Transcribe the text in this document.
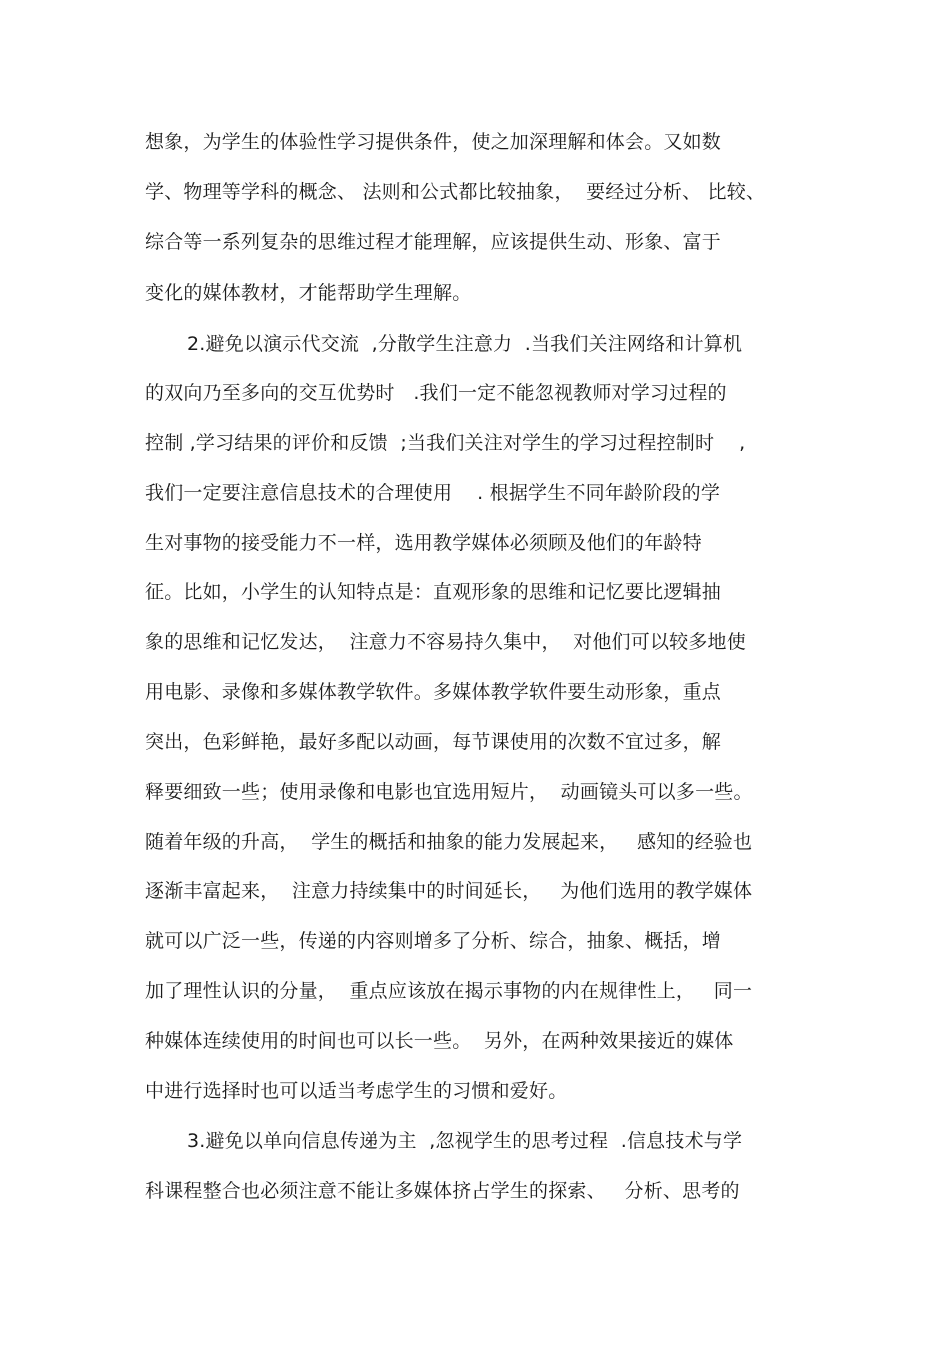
想象，为学生的体验性学习提供条件，使之加深理解和体会。又如数
学、物理等学科的概念、 法则和公式都比较抽象，  要经过分析、 比较、
综合等一系列复杂的思维过程才能理解，应该提供生动、形象、富于
变化的媒体教材，才能帮助学生理解。
2.避免以演示代交流  ,分散学生注意力  .当我们关注网络和计算机
的双向乃至多向的交互优势时   .我们一定不能忽视教师对学习过程的
控制 ,学习结果的评价和反馈  ;当我们关注对学生的学习过程控制时    ,
我们一定要注意信息技术的合理使用    . 根据学生不同年龄阶段的学
生对事物的接受能力不一样，选用教学媒体必须顾及他们的年龄特
征。比如，小学生的认知特点是：直观形象的思维和记忆要比逻辑抽
象的思维和记忆发达，  注意力不容易持久集中，  对他们可以较多地使
用电影、录像和多媒体教学软件。多媒体教学软件要生动形象，重点
突出，色彩鲜艳，最好多配以动画，每节课使用的次数不宜过多，解
释要细致一些；使用录像和电影也宜选用短片，  动画镜头可以多一些。
随着年级的升高，  学生的概括和抽象的能力发展起来，   感知的经验也
逐渐丰富起来，  注意力持续集中的时间延长，   为他们选用的教学媒体
就可以广泛一些，传递的内容则增多了分析、综合，抽象、概括，增
加了理性认识的分量，  重点应该放在揭示事物的内在规律性上，   同一
种媒体连续使用的时间也可以长一些。  另外，在两种效果接近的媒体
中进行选择时也可以适当考虑学生的习惯和爱好。
3.避免以单向信息传递为主  ,忽视学生的思考过程  .信息技术与学
科课程整合也必须注意不能让多媒体挤占学生的探索、   分析、思考的
